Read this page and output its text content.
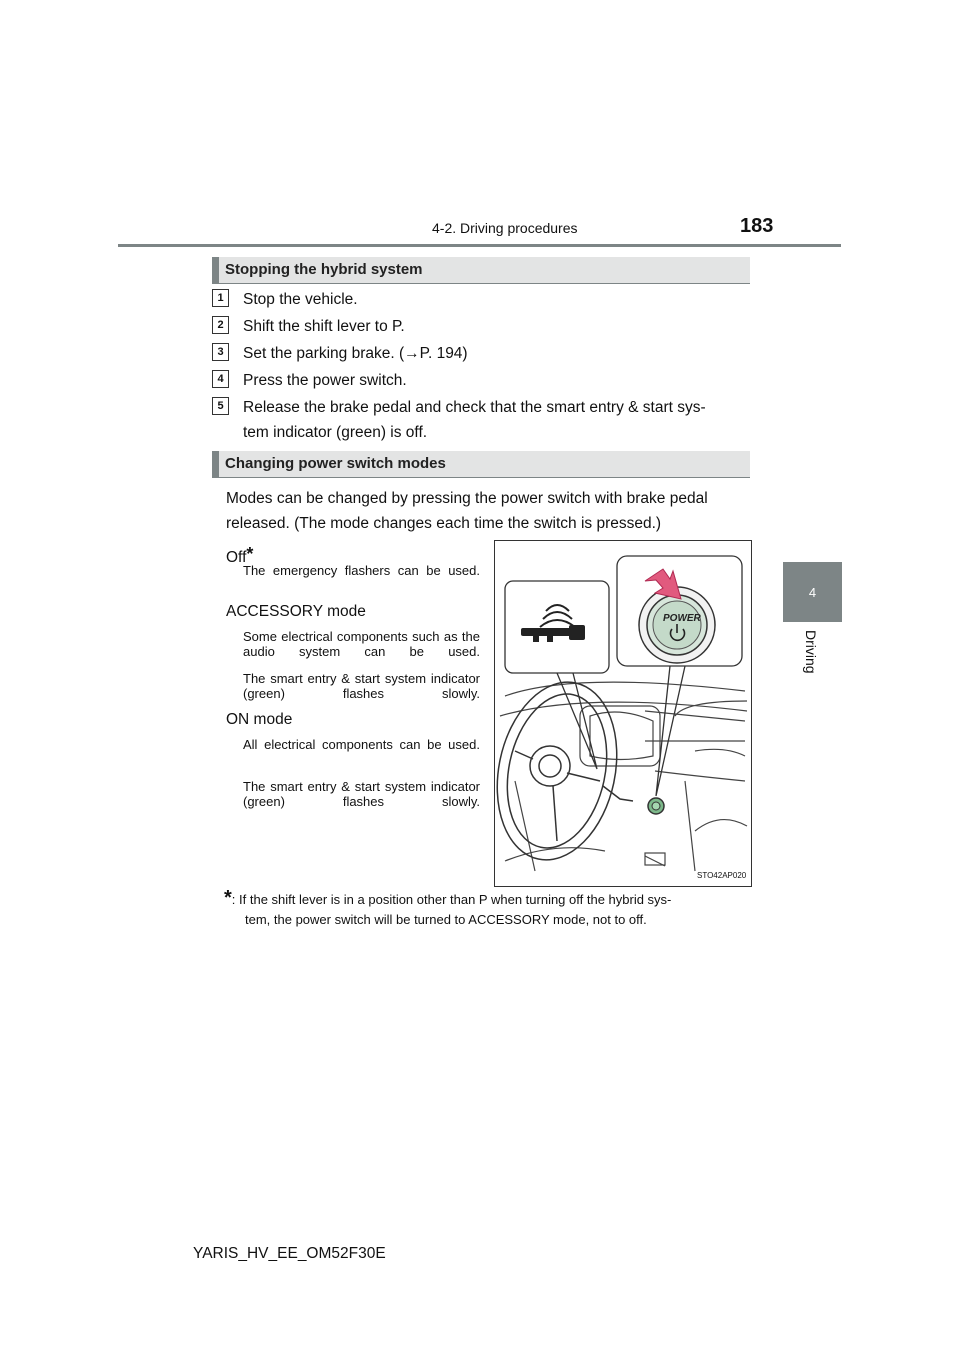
4-2. Driving procedures	183
4
Driving
Stopping the hybrid system
1	Stop the vehicle.
2	Shift the shift lever to P.
3	Set the parking brake. (→P. 194)
4	Press the power switch.
5	Release the brake pedal and check that the smart entry & start sys-
tem indicator (green) is off.
Changing power switch modes
Modes can be changed by pressing the power switch with brake pedal
released. (The mode changes each time the switch is pressed.)
Off*
The emergency flashers can be used.
ACCESSORY mode
Some electrical components such as the audio system can be used.
The smart entry & start system indicator (green) flashes slowly.
ON mode
All electrical components can be used.
The smart entry & start system indicator (green) flashes slowly.
POWER
STO42AP020
*: If the shift lever is in a position other than P when turning off the hybrid sys-
tem, the power switch will be turned to ACCESSORY mode, not to off.
YARIS_HV_EE_OM52F30E
